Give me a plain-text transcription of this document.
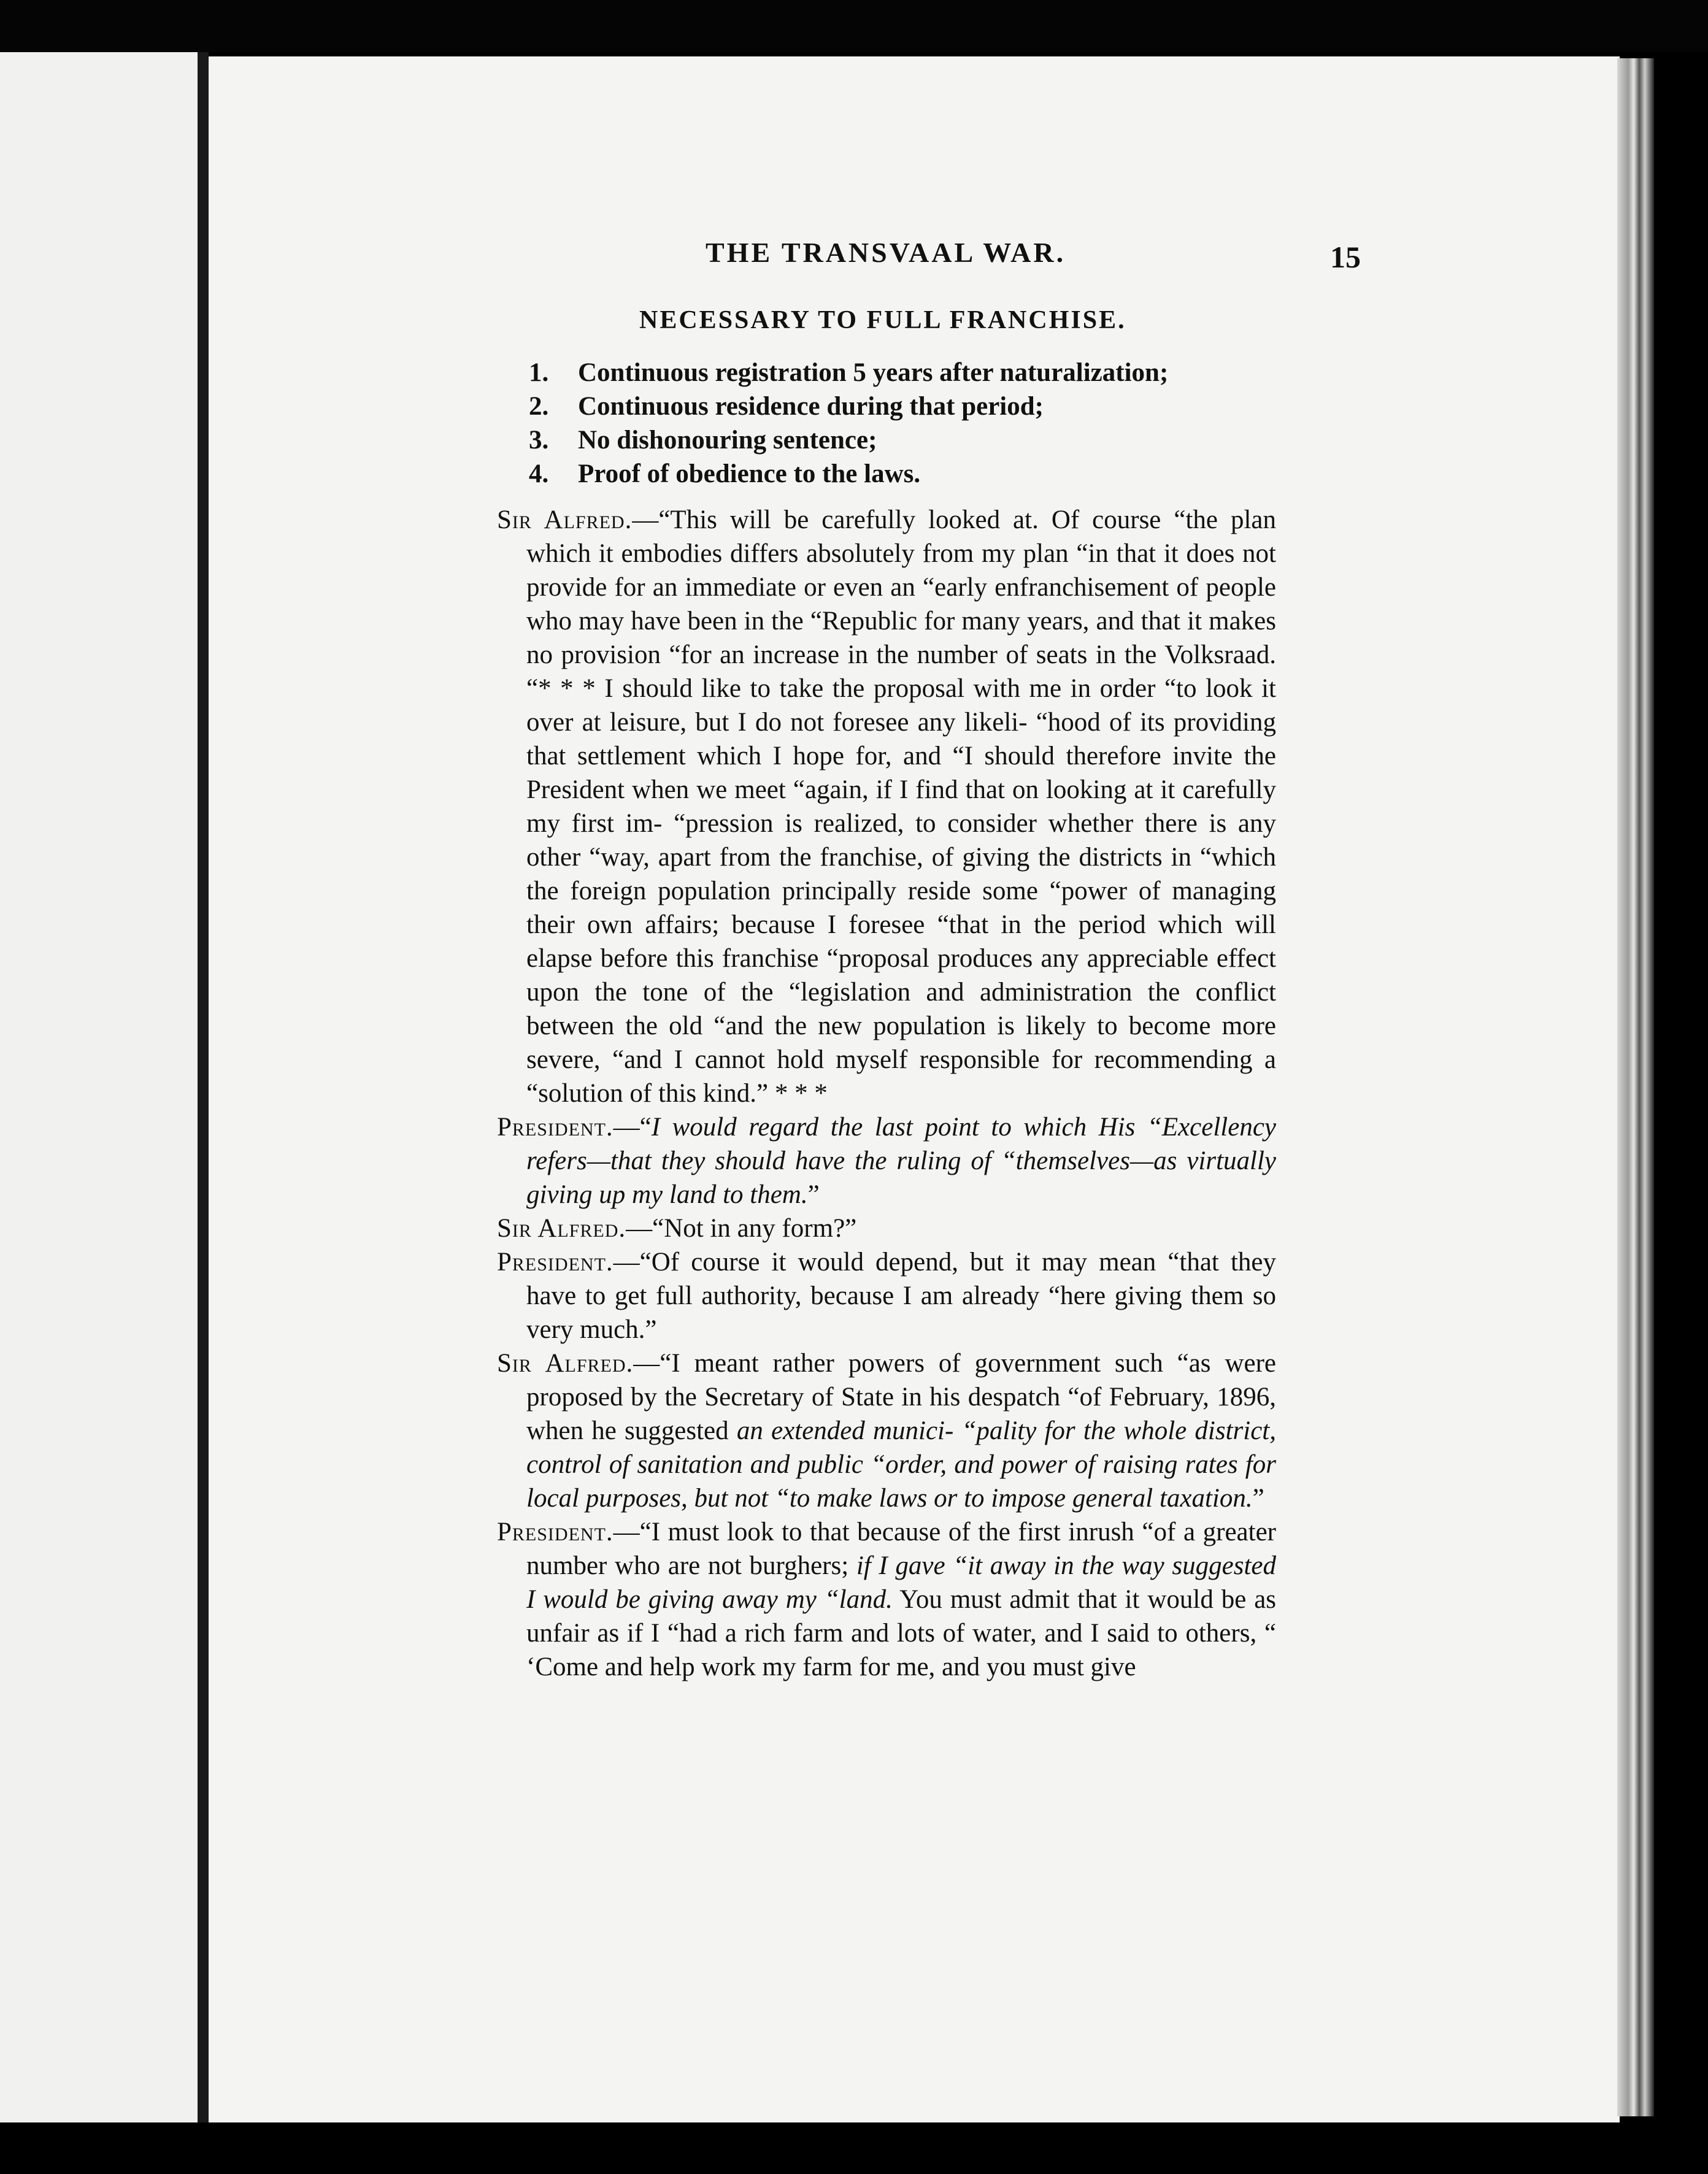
THE TRANSVAAL WAR.	15
NECESSARY TO FULL FRANCHISE.
1.	Continuous registration 5 years after naturalization;
2.	Continuous residence during that period;
3.	No dishonouring sentence;
4.	Proof of obedience to the laws.

Sir Alfred.—“This will be carefully looked at. Of course “the plan which it embodies differs absolutely from my plan “in that it does not provide for an immediate or even an “early enfranchisement of people who may have been in the “Republic for many years, and that it makes no provision “for an increase in the number of seats in the Volksraad. “* * * I should like to take the proposal with me in order “to look it over at leisure, but I do not foresee any likeli- “hood of its providing that settlement which I hope for, and “I should therefore invite the President when we meet “again, if I find that on looking at it carefully my first im- “pression is realized, to consider whether there is any other “way, apart from the franchise, of giving the districts in “which the foreign population principally reside some “power of managing their own affairs; because I foresee “that in the period which will elapse before this franchise “proposal produces any appreciable effect upon the tone of the “legislation and administration the conflict between the old “and the new population is likely to become more severe, “and I cannot hold myself responsible for recommending a “solution of this kind.” * * *

President.—“I would regard the last point to which His “Excellency refers—that they should have the ruling of “themselves—as virtually giving up my land to them.”

Sir Alfred.—“Not in any form?”

President.—“Of course it would depend, but it may mean “that they have to get full authority, because I am already “here giving them so very much.”

Sir Alfred.—“I meant rather powers of government such “as were proposed by the Secretary of State in his despatch “of February, 1896, when he suggested an extended munici- “pality for the whole district, control of sanitation and public “order, and power of raising rates for local purposes, but not “to make laws or to impose general taxation.”

President.—“I must look to that because of the first inrush “of a greater number who are not burghers; if I gave “it away in the way suggested I would be giving away my “land. You must admit that it would be as unfair as if I “had a rich farm and lots of water, and I said to others, “ ‘Come and help work my farm for me, and you must give
